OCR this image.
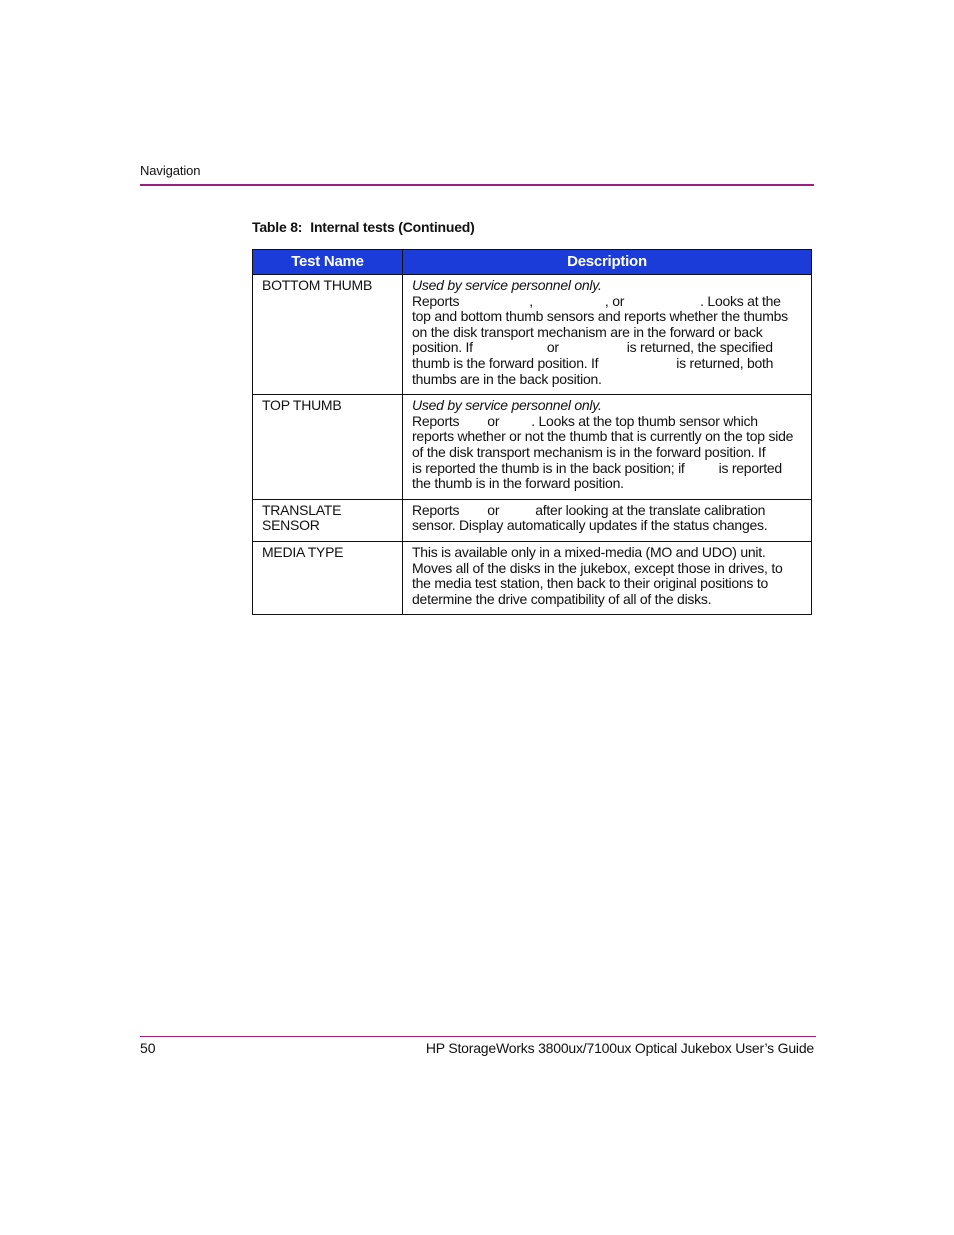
Navigation
Table 8: Internal tests (Continued)
Test Name	Description
BOTTOM THUMB	Used by service personnel only.

Reports , , or . Looks at the top and bottom thumb sensors and reports whether the thumbs on the disk transport mechanism are in the forward or back position. If or is returned, the specified thumb is the forward position. If is returned, both thumbs are in the back position.

TOP THUMB	Used by service personnel only.

Reports or . Looks at the top thumb sensor which reports whether or not the thumb that is currently on the top side of the disk transport mechanism is in the forward position. Ifis reported the thumb is in the back position; if is reported the thumb is in the forward position.

TRANSLATE SENSOR	Reports or after looking at the translate calibration sensor. Display automatically updates if the status changes.

MEDIA TYPE	This is available only in a mixed-media (MO and UDO) unit. Moves all of the disks in the jukebox, except those in drives, to the media test station, then back to their original positions to determine the drive compatibility of all of the disks.

50	HP StorageWorks 3800ux/7100ux Optical Jukebox User’s Guide
